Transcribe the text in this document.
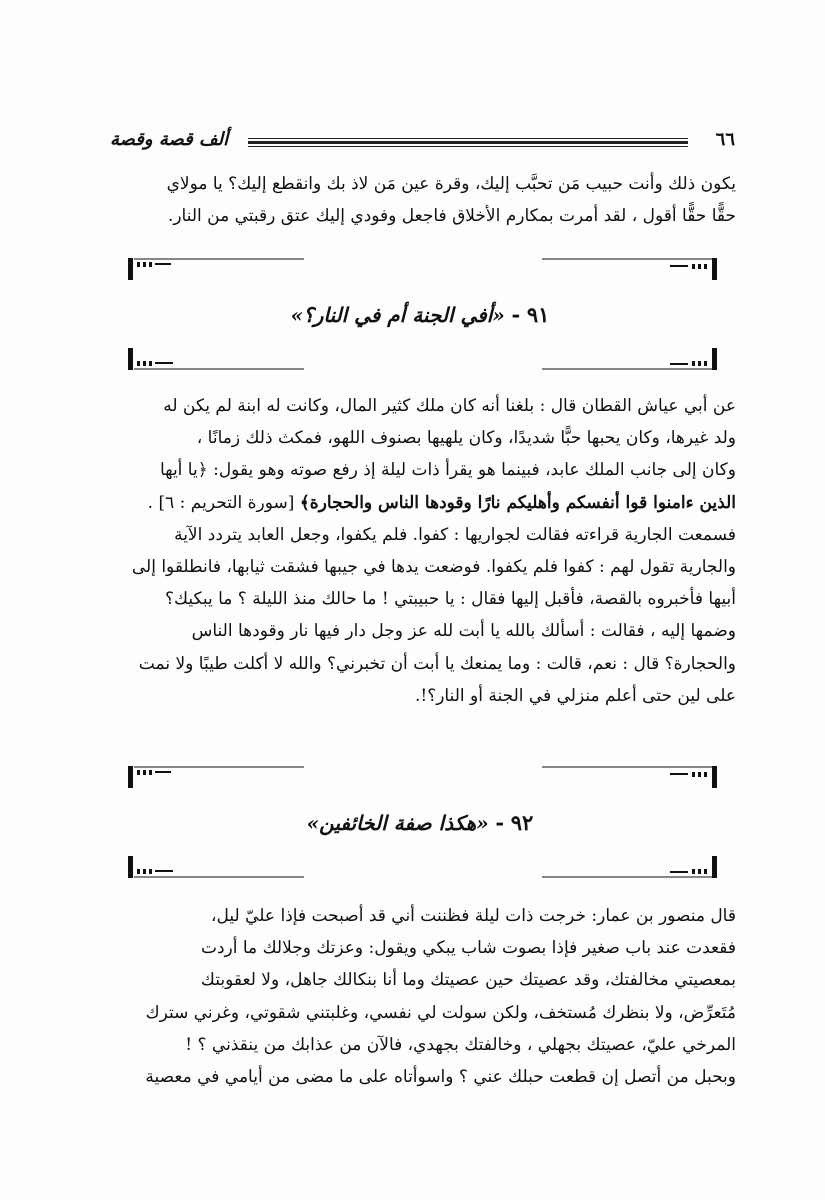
ألف قصة وقصة	٦٦

يكون ذلك وأنت حبيب مَن تحبَّب إليك، وقرة عين مَن لاذ بك وانقطع إليك؟ يا مولاي

حقًّا حقًّا أقول ، لقد أمرت بمكارم الأخلاق فاجعل وفودي إليك عتق رقبتي من النار.

٩١ - «أفي الجنة أم في النار؟»

عن أبي عياش القطان قال : بلغنا أنه كان ملك كثير المال، وكانت له ابنة لم يكن له

ولد غيرها، وكان يحبها حبًّا شديدًا، وكان يلهيها بصنوف اللهو، فمكث ذلك زمانًا ،

وكان إلى جانب الملك عابد، فبينما هو يقرأ ذات ليلة إذ رفع صوته وهو يقول: ﴿يا أيها

الذين ءامنوا قوا أنفسكم وأهليكم نارًا وقودها الناس والحجارة﴾ [سورة التحريم : ٦] .

فسمعت الجارية قراءته فقالت لجواريها : كفوا. فلم يكفوا، وجعل العابد يتردد الآية

والجارية تقول لهم : كفوا فلم يكفوا. فوضعت يدها في جيبها فشقت ثيابها، فانطلقوا إلى

أبيها فأخبروه بالقصة، فأقبل إليها فقال : يا حبيبتي ! ما حالك منذ الليلة ؟ ما يبكيك؟

وضمها إليه ، فقالت : أسألك بالله يا أبت لله عز وجل دار فيها نار وقودها الناس

والحجارة؟ قال : نعم، قالت : وما يمنعك يا أبت أن تخبرني؟ والله لا أكلت طيبًا ولا نمت

على لين حتى أعلم منزلي في الجنة أو النار؟!.

٩٢ - «هكذا صفة الخائفين»

قال منصور بن عمار: خرجت ذات ليلة فظننت أني قد أصبحت فإذا عليّ ليل،

فقعدت عند باب صغير فإذا بصوت شاب يبكي ويقول: وعزتك وجلالك ما أردت

بمعصيتي مخالفتك، وقد عصيتك حين عصيتك وما أنا بنكالك جاهل، ولا لعقوبتك

مُتَعرِّض، ولا بنظرك مُستخف، ولكن سولت لي نفسي، وغلبتني شقوتي، وغرني سترك

المرخي عليّ، عصيتك بجهلي ، وخالفتك بجهدي، فالآن من عذابك من ينقذني ؟ !

وبحبل من أتصل إن قطعت حبلك عني ؟ واسوأتاه على ما مضى من أيامي في معصية
